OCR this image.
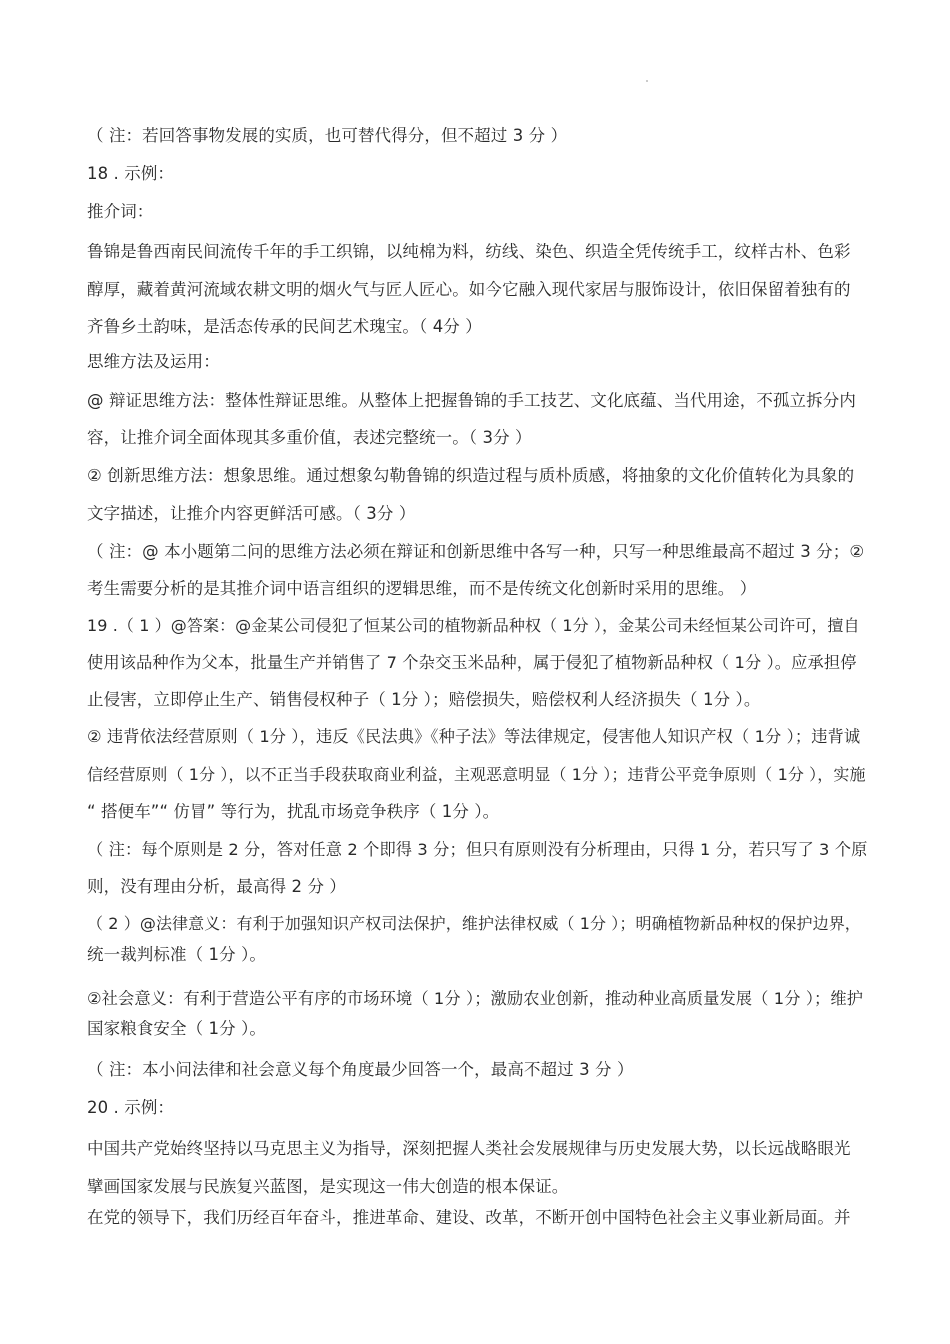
（ 注：若回答事物发展的实质，也可替代得分，但不超过 3 分 ）
18 . 示例：
推介词：
鲁锦是鲁西南民间流传千年的手工织锦，以纯棉为料，纺线、染色、织造全凭传统手工，纹样古朴、色彩
醇厚，藏着黄河流域农耕文明的烟火气与匠人匠心。如今它融入现代家居与服饰设计，依旧保留着独有的
齐鲁乡土韵味，是活态传承的民间艺术瑰宝。（ 4分 ）
思维方法及运用：
@ 辩证思维方法：整体性辩证思维。从整体上把握鲁锦的手工技艺、文化底蕴、当代用途，不孤立拆分内
容，让推介词全面体现其多重价值，表述完整统一。（ 3分 ）
② 创新思维方法：想象思维。通过想象勾勒鲁锦的织造过程与质朴质感，将抽象的文化价值转化为具象的
文字描述，让推介内容更鲜活可感。（ 3分 ）
（ 注：@ 本小题第二问的思维方法必须在辩证和创新思维中各写一种，只写一种思维最高不超过 3 分；②
考生需要分析的是其推介词中语言组织的逻辑思维，而不是传统文化创新时采用的思维。 ）
19 .（ 1 ）@答案：@金某公司侵犯了恒某公司的植物新品种权（ 1分 ），金某公司未经恒某公司许可，擅自
使用该品种作为父本，批量生产并销售了 7 个杂交玉米品种，属于侵犯了植物新品种权（ 1分 ）。应承担停
止侵害，立即停止生产、销售侵权种子（ 1分 ）；赔偿损失，赔偿权利人经济损失（ 1分 ）。
② 违背依法经营原则（ 1分 ），违反《民法典》《种子法》等法律规定，侵害他人知识产权（ 1分 ）；违背诚
信经营原则（ 1分 ），以不正当手段获取商业利益，主观恶意明显（ 1分 ）；违背公平竞争原则（ 1分 ），实施
“ 搭便车”“ 仿冒” 等行为，扰乱市场竞争秩序（ 1分 ）。
（ 注：每个原则是 2 分，答对任意 2 个即得 3 分；但只有原则没有分析理由，只得 1 分，若只写了 3 个原
则，没有理由分析，最高得 2 分 ）
（ 2 ）@法律意义：有利于加强知识产权司法保护，维护法律权威（ 1分 ）；明确植物新品种权的保护边界，
统一裁判标准（ 1分 ）。
②社会意义：有利于营造公平有序的市场环境（ 1分 ）；激励农业创新，推动种业高质量发展（ 1分 ）；维护
国家粮食安全（ 1分 ）。
（ 注：本小问法律和社会意义每个角度最少回答一个，最高不超过 3 分 ）
20 . 示例：
中国共产党始终坚持以马克思主义为指导，深刻把握人类社会发展规律与历史发展大势，以长远战略眼光
擘画国家发展与民族复兴蓝图，是实现这一伟大创造的根本保证。
在党的领导下，我们历经百年奋斗，推进革命、建设、改革，不断开创中国特色社会主义事业新局面。并
